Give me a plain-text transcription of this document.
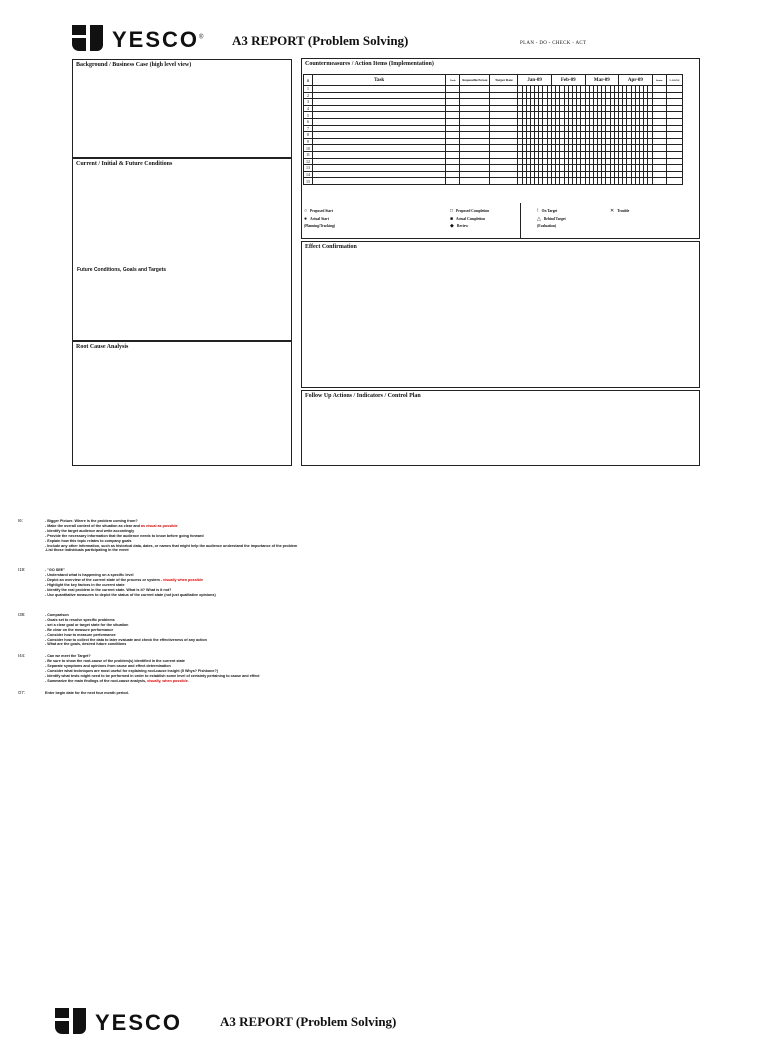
YESCO® A3 REPORT (Problem Solving)	PLAN - DO - CHECK - ACT
Background / Business Case (high level view)
Current / Initial & Future Conditions
Future Conditions, Goals and Targets
Root Cause Analysis
Countermeasures / Action Items (Implementation)
#	Task	Tools	Responsible Person	Target Date	Jan-09								Feb-09								Mar-09								Apr-09								Status	% DONE
1																																						
2																																						
3																																						
4																																						
5																																						
6																																						
7																																						
8																																						
9																																						
10																																						
11																																						
12																																						
13																																						
14																																						
15																																						
○ Proposed Start
● Actual Start
(Planning/Tracking)
□ Proposed Completion
■ Actual Completion
◆ Review
! On Target
△ Behind Target
(Evaluation)
✕ Trouble
Effect Confirmation
Follow Up Actions / Indicators / Control Plan
I6:	- Bigger Picture. Where is the problem coming from?
- Make the overall context of the situation as clear and as visual as possible
- Identify the target audience and write accordingly
- Provide the necessary information that the audience needs to know before going forward
- Explain how this topic relates to company goals
- Include any other information, such as historical data, dates, or names that might help the audience understand the importance of the problem
-List those individuals participating in the event
I19:	- "GO SEE"
- Understand what is happening on a specific level
- Depict an overview of the current state of the process or system - visually when possible
- Highlight the key factors in the current state
- Identify the real problem in the current state. What is it? What is it not?
- Use quantitative measures to depict the status of the current state (not just qualitative opinions)
I38:	- Comparison
- Goals set to resolve specific problems
- set a clear goal or target state for the situation
- Be clear on the measure performance
- Consider how to measure performance
- Consider how to collect the data to later evaluate and check the effectiveness of any action
- What are the goals, desired future conditions
I44:	- Can we meet the Target?
- Be sure to show the root-cause of the problem(s) identified in the current state
- Separate symptoms and opinions from cause and effect determination
- Consider what techniques are most useful for explaining root-cause insight (5 Whys? Fishbone?)
- Identify what tests might need to be performed in order to establish some level of certainty pertaining to cause and effect
- Summarize the main findings of the root-cause analysis, visually, when possible.
O7:	Enter begin date for the next four month period.
YESCO	A3 REPORT (Problem Solving)
